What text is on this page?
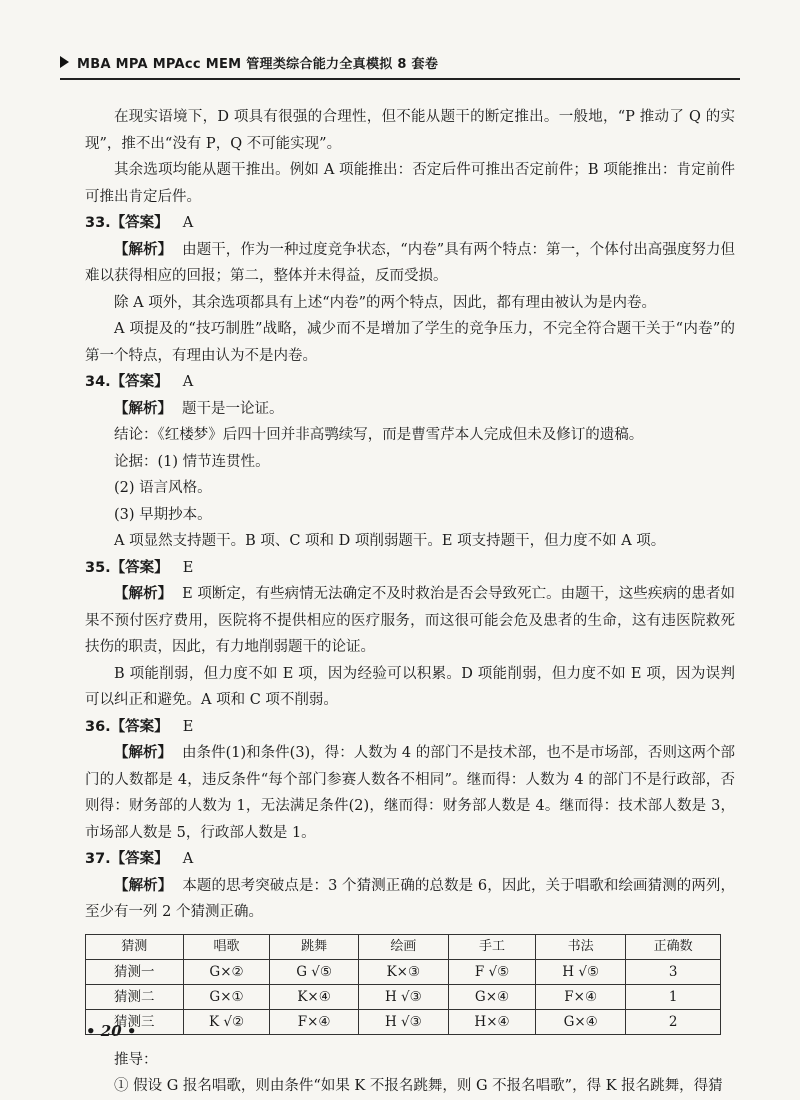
MBA MPA MPAcc MEM 管理类综合能力全真模拟 8 套卷

在现实语境下，D 项具有很强的合理性，但不能从题干的断定推出。一般地，“P 推动了 Q 的实现”，推不出“没有 P，Q 不可能实现”。

其余选项均能从题干推出。例如 A 项能推出：否定后件可推出否定前件；B 项能推出：肯定前件可推出肯定后件。

33.【答案】 A

【解析】 由题干，作为一种过度竞争状态，“内卷”具有两个特点：第一，个体付出高强度努力但难以获得相应的回报；第二，整体并未得益，反而受损。

除 A 项外，其余选项都具有上述“内卷”的两个特点，因此，都有理由被认为是内卷。

A 项提及的“技巧制胜”战略，减少而不是增加了学生的竞争压力，不完全符合题干关于“内卷”的第一个特点，有理由认为不是内卷。

34.【答案】 A

【解析】 题干是一论证。

结论：《红楼梦》后四十回并非高鹗续写，而是曹雪芹本人完成但未及修订的遗稿。

论据：(1) 情节连贯性。

(2) 语言风格。

(3) 早期抄本。

A 项显然支持题干。B 项、C 项和 D 项削弱题干。E 项支持题干，但力度不如 A 项。

35.【答案】 E

【解析】 E 项断定，有些病情无法确定不及时救治是否会导致死亡。由题干，这些疾病的患者如果不预付医疗费用，医院将不提供相应的医疗服务，而这很可能会危及患者的生命，这有违医院救死扶伤的职责，因此，有力地削弱题干的论证。

B 项能削弱，但力度不如 E 项，因为经验可以积累。D 项能削弱，但力度不如 E 项，因为误判可以纠正和避免。A 项和 C 项不削弱。

36.【答案】 E

【解析】 由条件(1)和条件(3)，得：人数为 4 的部门不是技术部，也不是市场部，否则这两个部门的人数都是 4，违反条件“每个部门参赛人数各不相同”。继而得：人数为 4 的部门不是行政部，否则得：财务部的人数为 1，无法满足条件(2)，继而得：财务部人数是 4。继而得：技术部人数是 3，市场部人数是 5，行政部人数是 1。

37.【答案】 A

【解析】 本题的思考突破点是：3 个猜测正确的总数是 6，因此，关于唱歌和绘画猜测的两列，至少有一列 2 个猜测正确。

猜测	唱歌	跳舞	绘画	手工	书法	正确数
猜测一	G×②	G √⑤	K×③	F √⑤	H √⑤	3
猜测二	G×①	K×④	H √③	G×④	F×④	1
猜测三	K √②	F×④	H √③	H×④	G×④	2

推导：

① 假设 G 报名唱歌，则由条件“如果 K 不报名跳舞，则 G 不报名唱歌”，得 K 报名跳舞，得猜

• 20 •
